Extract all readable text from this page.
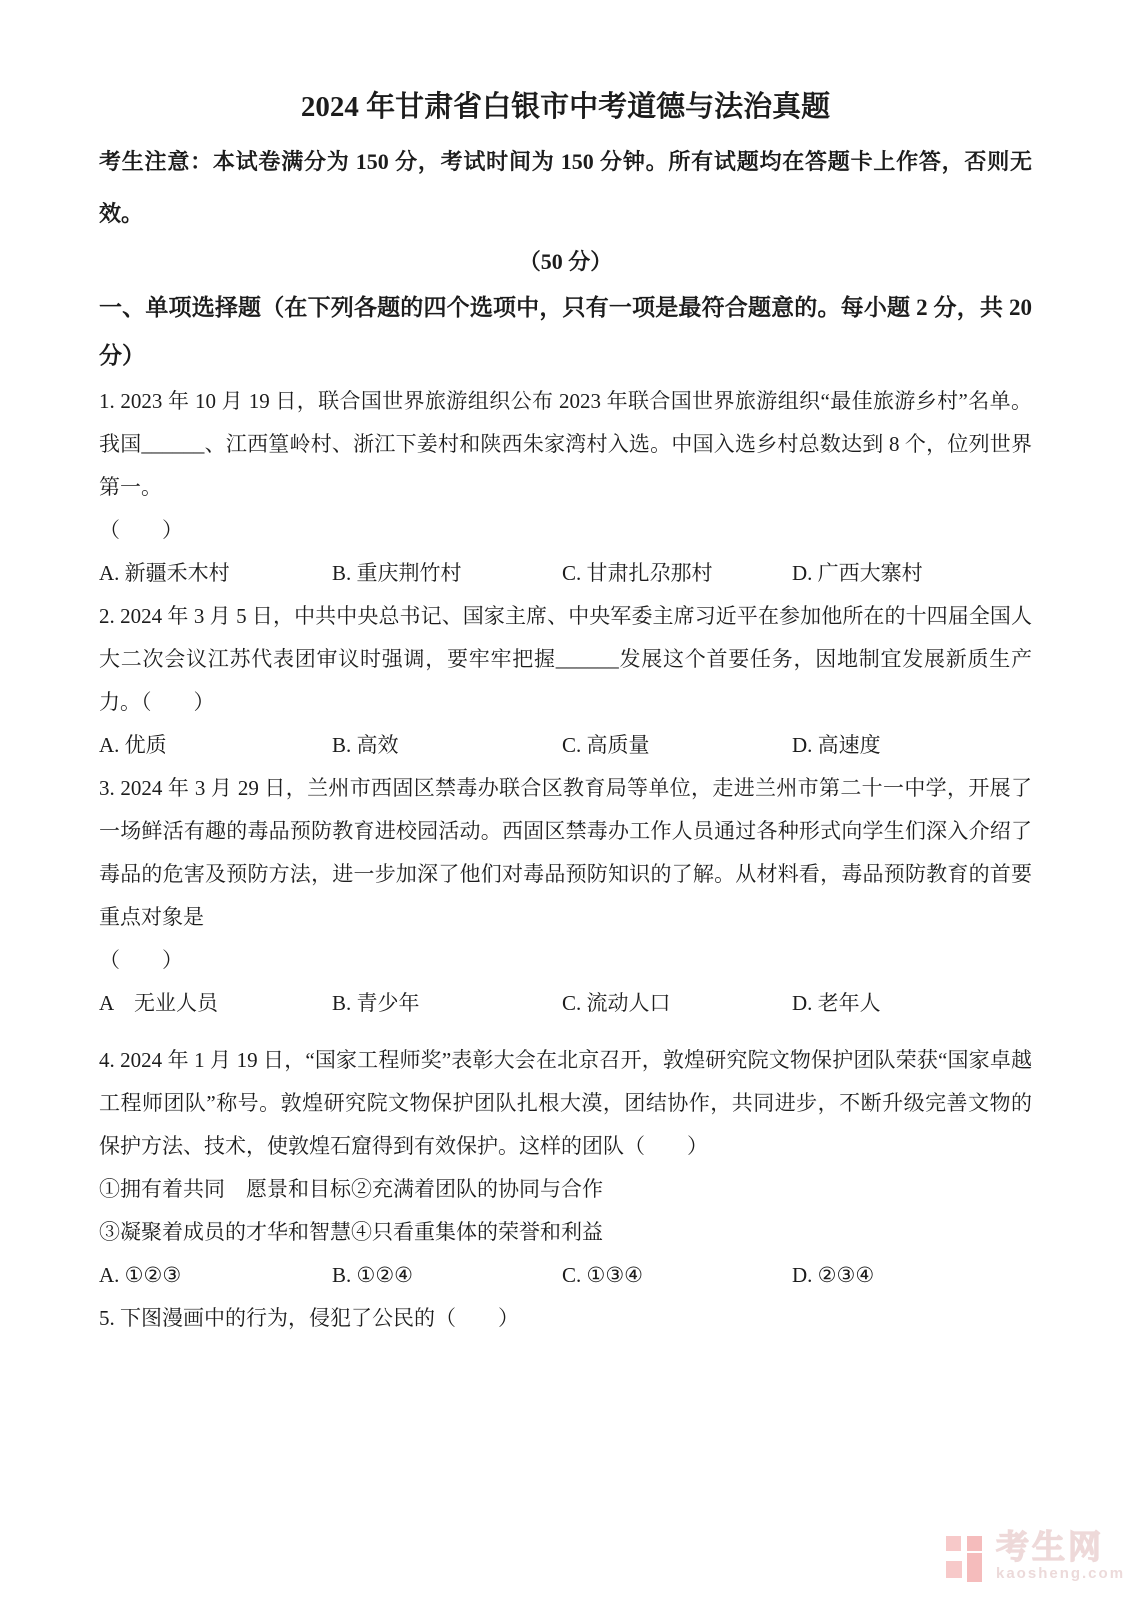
2024 年甘肃省白银市中考道德与法治真题

考生注意：本试卷满分为 150 分，考试时间为 150 分钟。所有试题均在答题卡上作答，否则无效。

（50 分）

一、单项选择题（在下列各题的四个选项中，只有一项是最符合题意的。每小题 2 分，共 20 分）

1. 2023 年 10 月 19 日，联合国世界旅游组织公布 2023 年联合国世界旅游组织“最佳旅游乡村”名单。我国______、江西篁岭村、浙江下姜村和陕西朱家湾村入选。中国入选乡村总数达到 8 个，位列世界第一。

（　　）

A. 新疆禾木村	B. 重庆荆竹村	C. 甘肃扎尕那村	D. 广西大寨村

2. 2024 年 3 月 5 日，中共中央总书记、国家主席、中央军委主席习近平在参加他所在的十四届全国人大二次会议江苏代表团审议时强调，要牢牢把握______发展这个首要任务，因地制宜发展新质生产力。（　　）

A. 优质	B. 高效	C. 高质量	D. 高速度

3. 2024 年 3 月 29 日，兰州市西固区禁毒办联合区教育局等单位，走进兰州市第二十一中学，开展了一场鲜活有趣的毒品预防教育进校园活动。西固区禁毒办工作人员通过各种形式向学生们深入介绍了毒品的危害及预防方法，进一步加深了他们对毒品预防知识的了解。从材料看，毒品预防教育的首要重点对象是

（　　）

A　无业人员	B. 青少年	C. 流动人口	D. 老年人

4. 2024 年 1 月 19 日，“国家工程师奖”表彰大会在北京召开，敦煌研究院文物保护团队荣获“国家卓越工程师团队”称号。敦煌研究院文物保护团队扎根大漠，团结协作，共同进步，不断升级完善文物的保护方法、技术，使敦煌石窟得到有效保护。这样的团队（　　）

①拥有着共同　愿景和目标②充满着团队的协同与合作

③凝聚着成员的才华和智慧④只看重集体的荣誉和利益

A. ①②③	B. ①②④	C. ①③④	D. ②③④

5. 下图漫画中的行为，侵犯了公民的（　　）

考生网
kaosheng.com
